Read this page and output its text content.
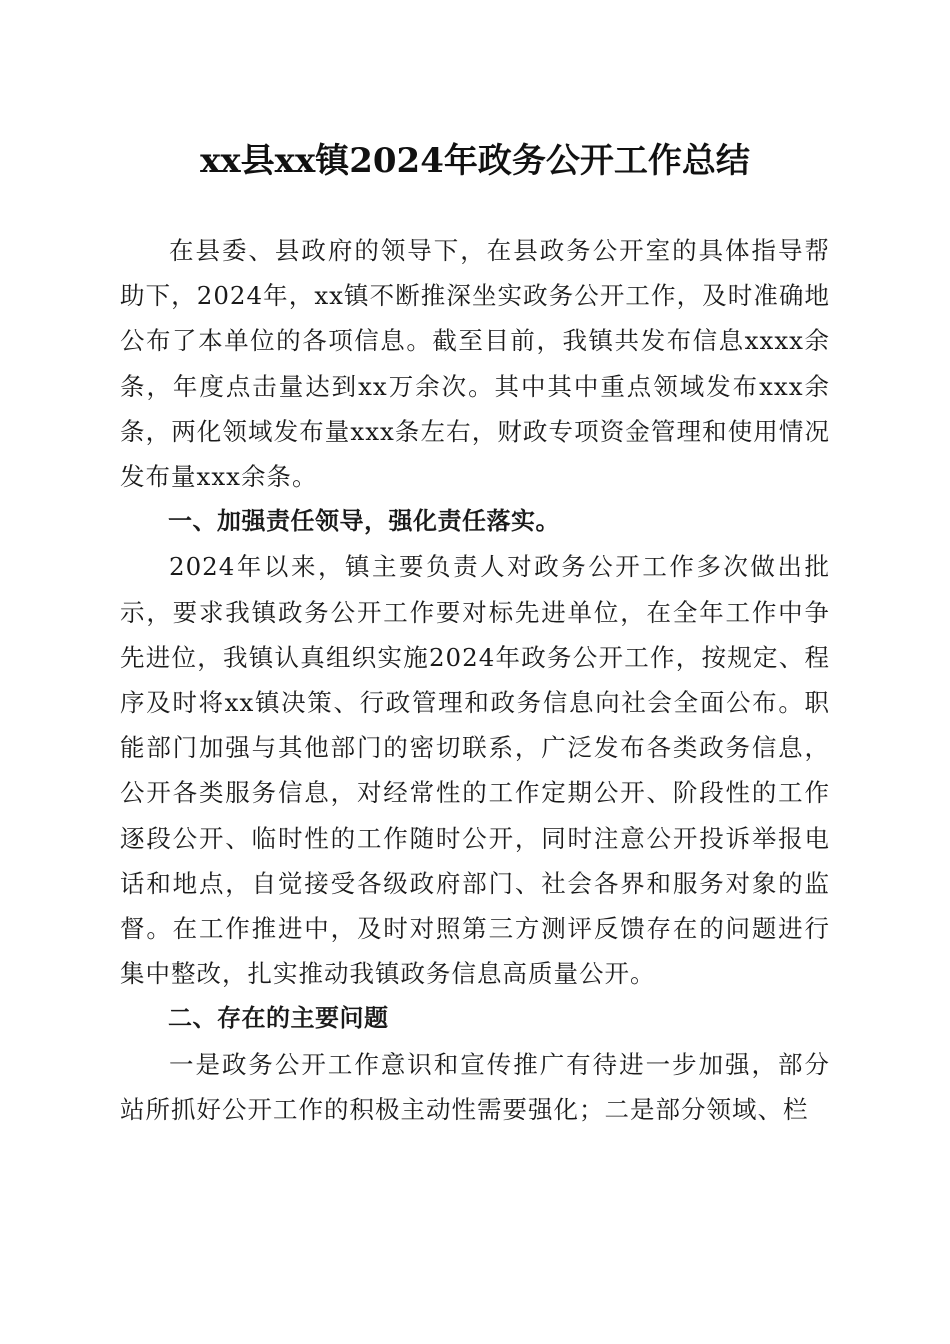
xx县xx镇2024年政务公开工作总结

在县委、县政府的领导下，在县政务公开室的具体指导帮助下，2024年，xx镇不断推深坐实政务公开工作，及时准确地公布了本单位的各项信息。截至目前，我镇共发布信息xxxx余条，年度点击量达到xx万余次。其中其中重点领域发布xxx余条，两化领域发布量xxx条左右，财政专项资金管理和使用情况发布量xxx余条。

一、加强责任领导，强化责任落实。

2024年以来，镇主要负责人对政务公开工作多次做出批示，要求我镇政务公开工作要对标先进单位，在全年工作中争先进位，我镇认真组织实施2024年政务公开工作，按规定、程序及时将xx镇决策、行政管理和政务信息向社会全面公布。职能部门加强与其他部门的密切联系，广泛发布各类政务信息，公开各类服务信息，对经常性的工作定期公开、阶段性的工作逐段公开、临时性的工作随时公开，同时注意公开投诉举报电话和地点，自觉接受各级政府部门、社会各界和服务对象的监督。在工作推进中，及时对照第三方测评反馈存在的问题进行集中整改，扎实推动我镇政务信息高质量公开。

二、存在的主要问题

一是政务公开工作意识和宣传推广有待进一步加强，部分站所抓好公开工作的积极主动性需要强化；二是部分领域、栏
